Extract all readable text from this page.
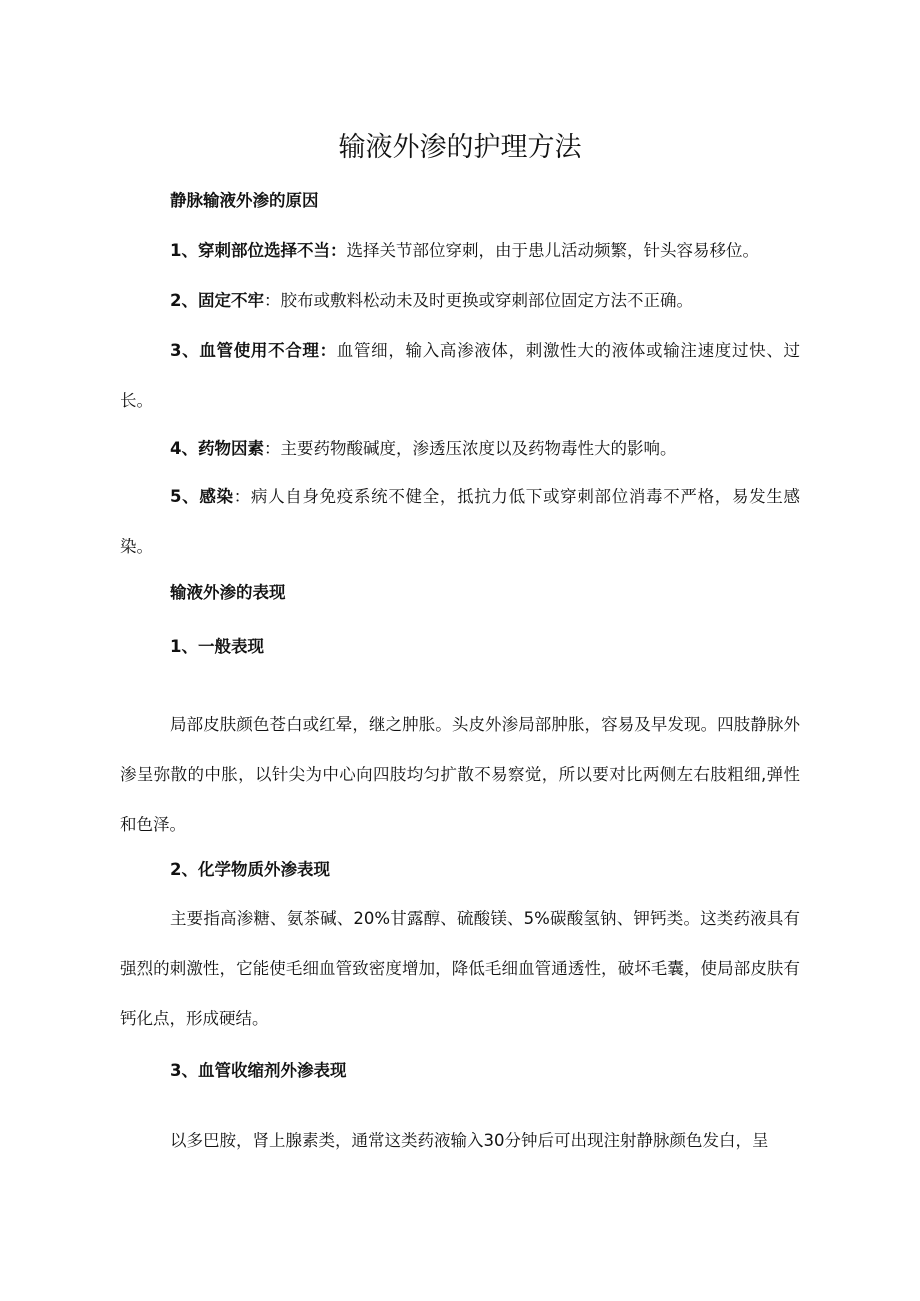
输液外渗的护理方法

静脉输液外渗的原因

1、穿刺部位选择不当：选择关节部位穿刺，由于患儿活动频繁，针头容易移位。

2、固定不牢：胶布或敷料松动未及时更换或穿刺部位固定方法不正确。

3、血管使用不合理：血管细，输入高渗液体，刺激性大的液体或输注速度过快、过长。

4、药物因素：主要药物酸碱度，渗透压浓度以及药物毒性大的影响。

5、感染：病人自身免疫系统不健全，抵抗力低下或穿刺部位消毒不严格，易发生感染。

输液外渗的表现

1、一般表现

局部皮肤颜色苍白或红晕，继之肿胀。头皮外渗局部肿胀，容易及早发现。四肢静脉外渗呈弥散的中胀，以针尖为中心向四肢均匀扩散不易察觉，所以要对比两侧左右肢粗细,弹性和色泽。

2、化学物质外渗表现

主要指高渗糖、氨茶碱、20%甘露醇、硫酸镁、5%碳酸氢钠、钾钙类。这类药液具有强烈的刺激性，它能使毛细血管致密度增加，降低毛细血管通透性，破坏毛囊，使局部皮肤有钙化点，形成硬结。

3、血管收缩剂外渗表现

以多巴胺，肾上腺素类，通常这类药液输入30分钟后可出现注射静脉颜色发白，呈
